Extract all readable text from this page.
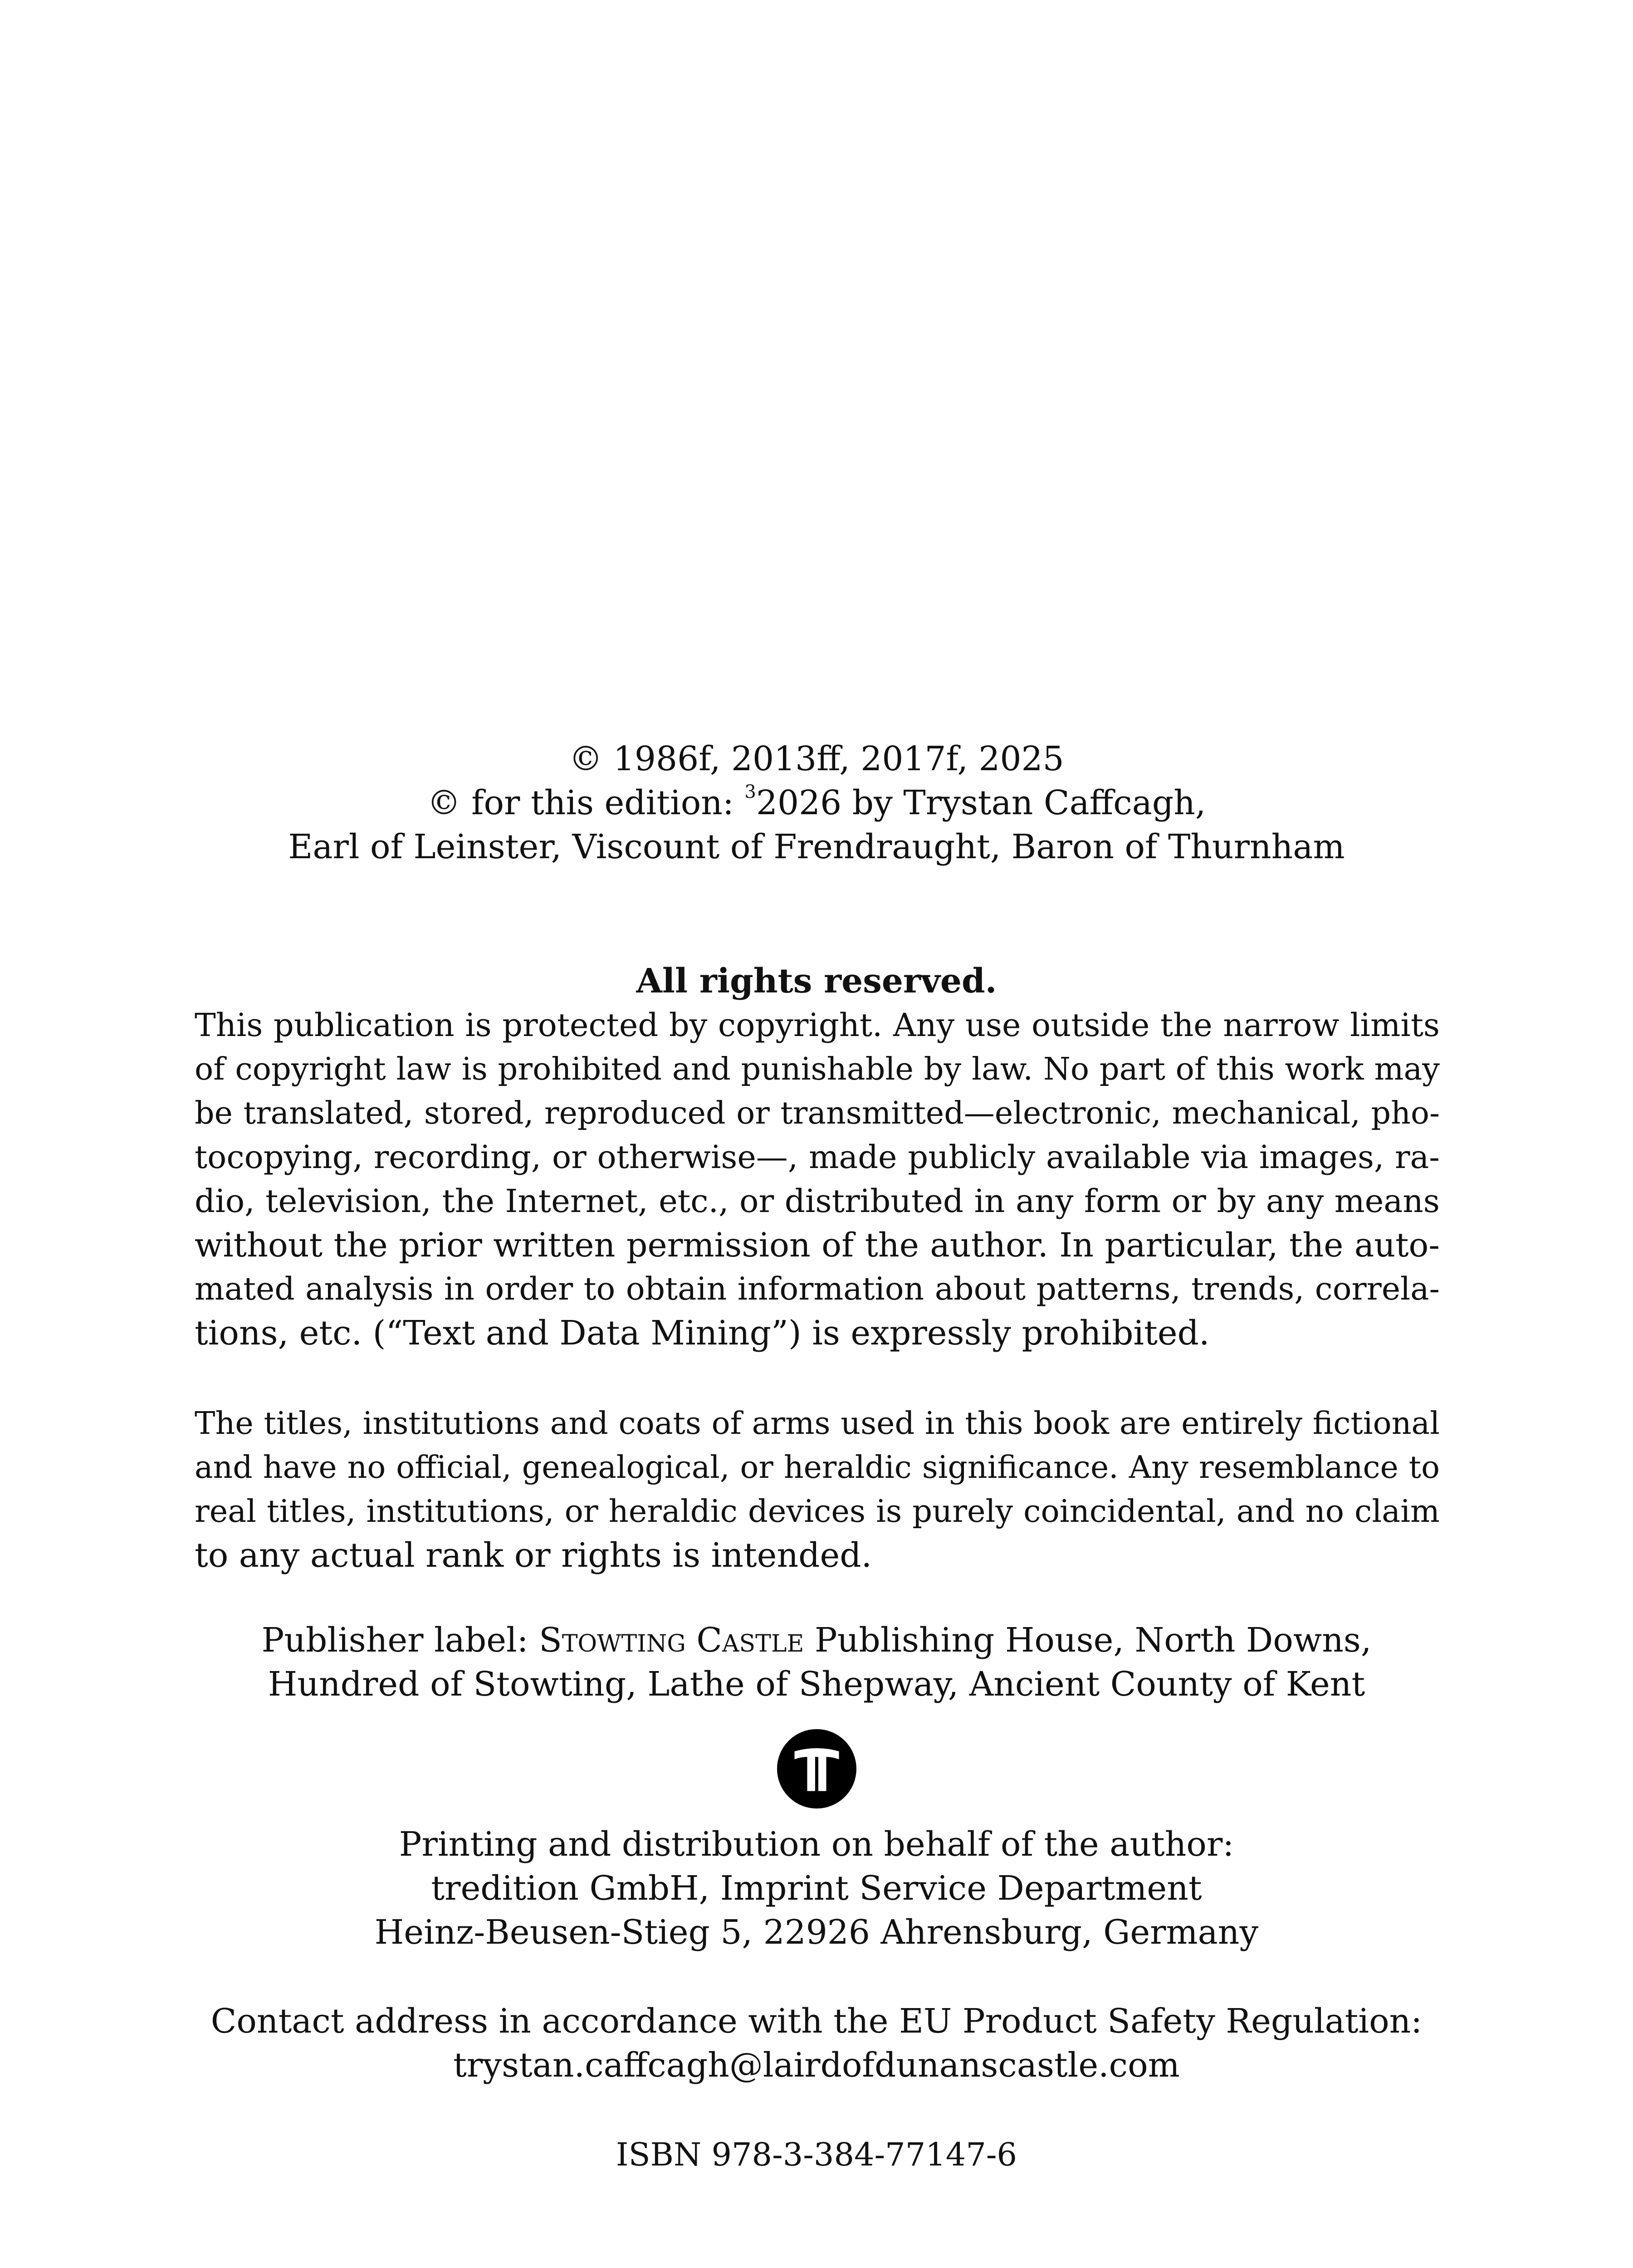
© 1986f, 2013ff, 2017f, 2025
© for this edition: $^3$2026 by Trystan Caffcagh,
Earl of Leinster, Viscount of Frendraught, Baron of Thurnham
All rights reserved.
This publication is protected by copyright. Any use outside the narrow limits
of copyright law is prohibited and punishable by law. No part of this work may
be translated, stored, reproduced or transmitted—electronic, mechanical, pho-
tocopying, recording, or otherwise—, made publicly available via images, ra-
dio, television, the Internet, etc., or distributed in any form or by any means
without the prior written permission of the author. In particular, the auto-
mated analysis in order to obtain information about patterns, trends, correla-
tions, etc. (“Text and Data Mining”) is expressly prohibited.
The titles, institutions and coats of arms used in this book are entirely fictional
and have no official, genealogical, or heraldic significance. Any resemblance to
real titles, institutions, or heraldic devices is purely coincidental, and no claim
to any actual rank or rights is intended.
Publisher label: Stowting Castle Publishing House, North Downs,
Hundred of Stowting, Lathe of Shepway, Ancient County of Kent
Printing and distribution on behalf of the author:
tredition GmbH, Imprint Service Department
Heinz-Beusen-Stieg 5, 22926 Ahrensburg, Germany
Contact address in accordance with the EU Product Safety Regulation:
trystan.caffcagh@lairdofdunanscastle.com
ISBN 978-3-384-77147-6
